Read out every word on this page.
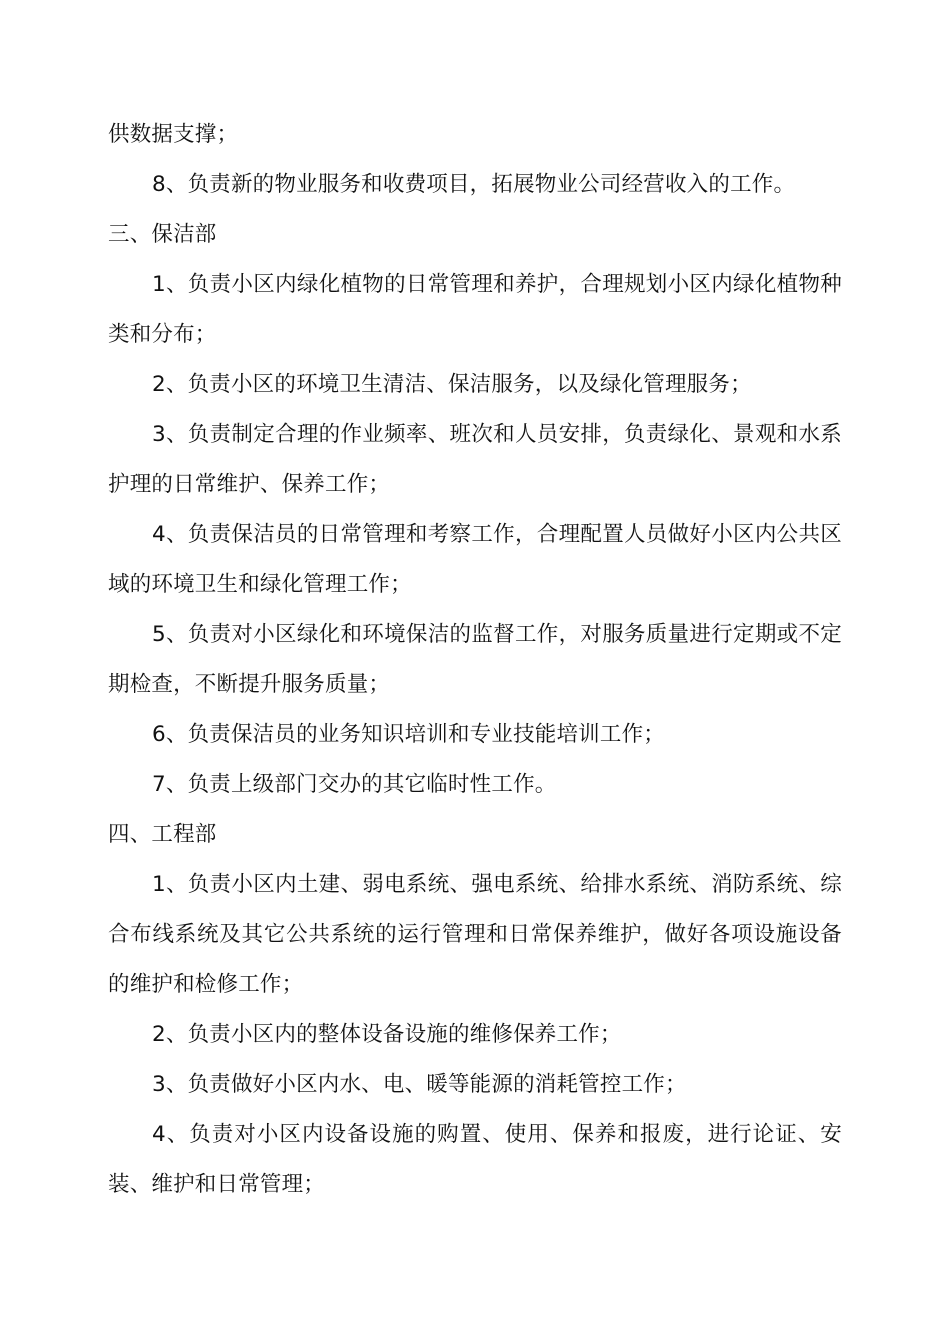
供数据支撑；

8、负责新的物业服务和收费项目，拓展物业公司经营收入的工作。

三、保洁部

1、负责小区内绿化植物的日常管理和养护，合理规划小区内绿化植物种类和分布；

2、负责小区的环境卫生清洁、保洁服务，以及绿化管理服务；

3、负责制定合理的作业频率、班次和人员安排，负责绿化、景观和水系护理的日常维护、保养工作；

4、负责保洁员的日常管理和考察工作，合理配置人员做好小区内公共区域的环境卫生和绿化管理工作；

5、负责对小区绿化和环境保洁的监督工作，对服务质量进行定期或不定期检查，不断提升服务质量；

6、负责保洁员的业务知识培训和专业技能培训工作；

7、负责上级部门交办的其它临时性工作。

四、工程部

1、负责小区内土建、弱电系统、强电系统、给排水系统、消防系统、综合布线系统及其它公共系统的运行管理和日常保养维护，做好各项设施设备的维护和检修工作；

2、负责小区内的整体设备设施的维修保养工作；

3、负责做好小区内水、电、暖等能源的消耗管控工作；

4、负责对小区内设备设施的购置、使用、保养和报废，进行论证、安装、维护和日常管理；
